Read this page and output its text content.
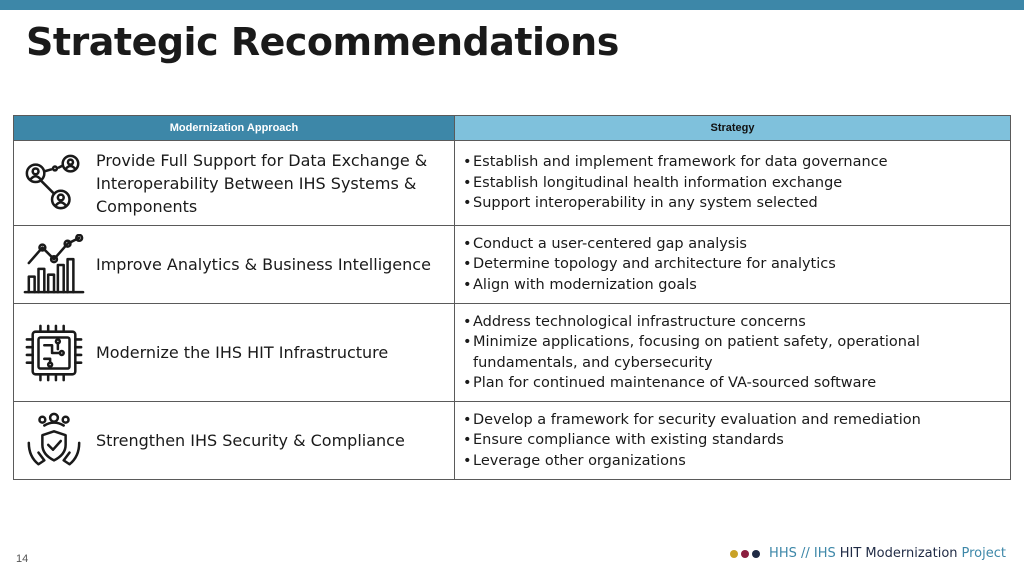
Strategic Recommendations
Modernization Approach	Strategy
Provide Full Support for Data Exchange & Interoperability Between IHS Systems & Components
• Establish and implement framework for data governance
• Establish longitudinal health information exchange
• Support interoperability in any system selected
Improve Analytics & Business Intelligence
• Conduct a user-centered gap analysis
• Determine topology and architecture for analytics
• Align with modernization goals
Modernize the IHS HIT Infrastructure
• Address technological infrastructure concerns
• Minimize applications, focusing on patient safety, operational fundamentals, and cybersecurity
• Plan for continued maintenance of VA-sourced software
Strengthen IHS Security & Compliance
• Develop a framework for security evaluation and remediation
• Ensure compliance with existing standards
• Leverage other organizations
14	HHS // IHS HIT Modernization Project
